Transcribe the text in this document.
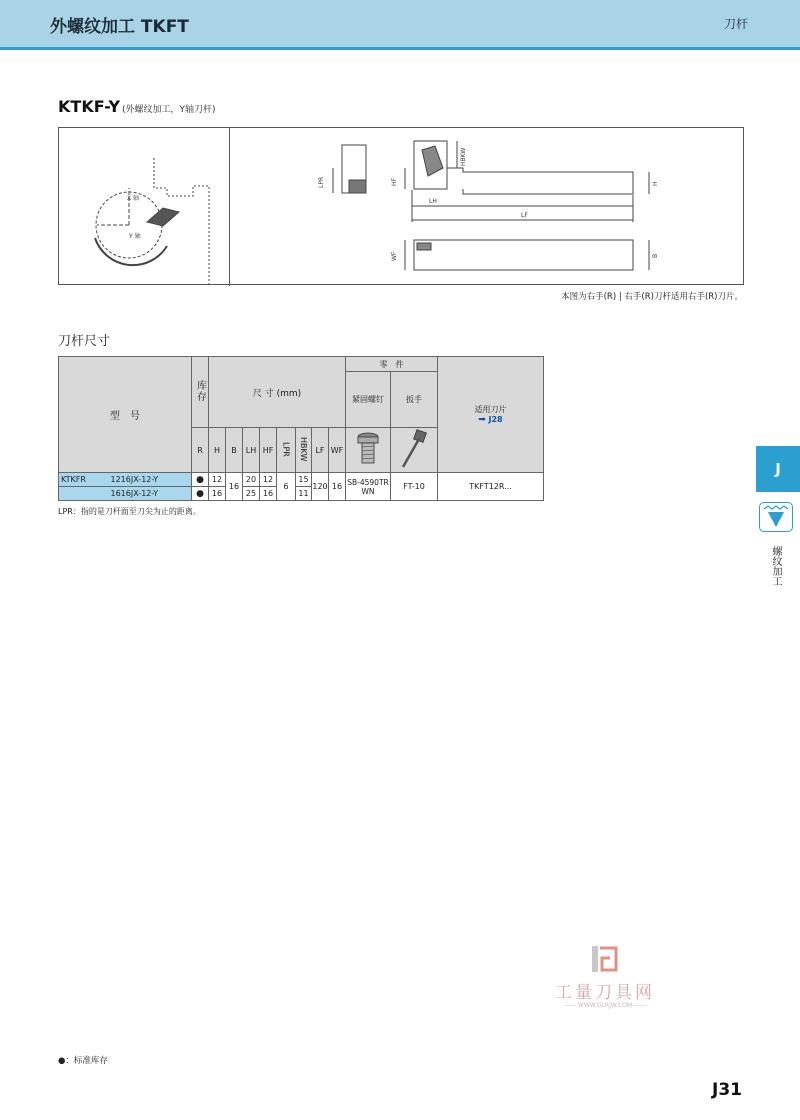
外螺纹加工 TKFT	刀杆
KTKF-Y (外螺纹加工，Y轴刀杆)
X 轴
Y 轴
LPR	HF
HBKW
H
LH
LF
WF	B
本图为右手(R) | 右手(R)刀杆适用右手(R)刀片。
刀杆尺寸
型　号		库存	尺 寸 (mm)								零　件		适用刀片
➡ J28

											紧固螺钉	扳手	
		R	H	B	LH	HF	LPR	HBKW	LF	WF		
KTKFR	1216JX-12-Y	●	12	16	20	12	6	15	120	16	SB-4590TRWN	FT-10	TKFT12R...
	1616JX-12-Y	●	16		25	16		11					
LPR：指的是刀杆面至刀尖为止的距离。
J
螺纹加工
工量刀具网
—— WWW.GLRJW.COM ——
●：标准库存
J31
